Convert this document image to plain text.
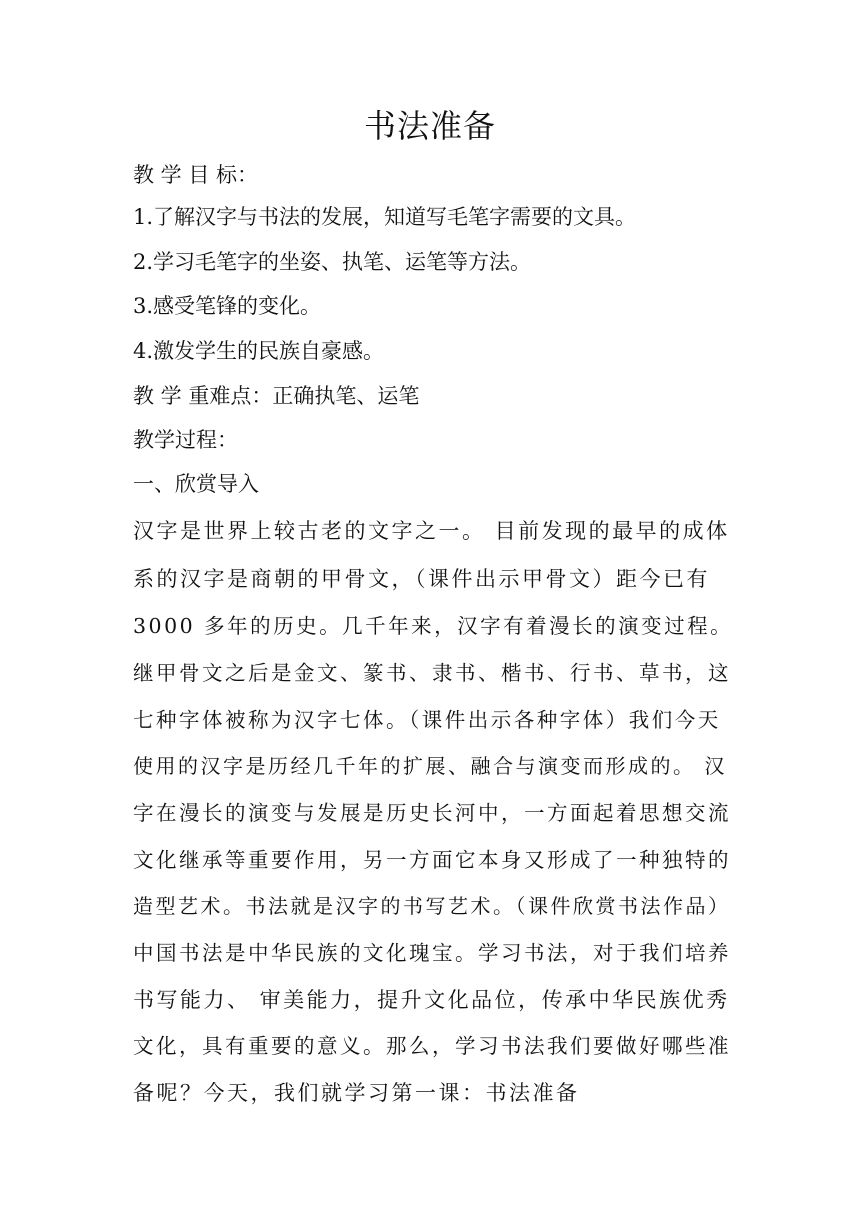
书法准备
教 学 目 标：
1.了解汉字与书法的发展，知道写毛笔字需要的文具。
2.学习毛笔字的坐姿、执笔、运笔等方法。
3.感受笔锋的变化。
4.激发学生的民族自豪感。
教 学 重难点：正确执笔、运笔
教学过程：
一、欣赏导入
汉字是世界上较古老的文字之一。 目前发现的最早的成体
系的汉字是商朝的甲骨文，（课件出示甲骨文）距今已有
3000 多年的历史。几千年来，汉字有着漫长的演变过程。
继甲骨文之后是金文、篆书、隶书、楷书、行书、草书，这
七种字体被称为汉字七体。（课件出示各种字体）我们今天
使用的汉字是历经几千年的扩展、融合与演变而形成的。 汉
字在漫长的演变与发展是历史长河中，一方面起着思想交流
文化继承等重要作用，另一方面它本身又形成了一种独特的
造型艺术。书法就是汉字的书写艺术。（课件欣赏书法作品）
中国书法是中华民族的文化瑰宝。学习书法，对于我们培养
书写能力、 审美能力，提升文化品位，传承中华民族优秀
文化，具有重要的意义。那么，学习书法我们要做好哪些准
备呢？今天，我们就学习第一课：书法准备
